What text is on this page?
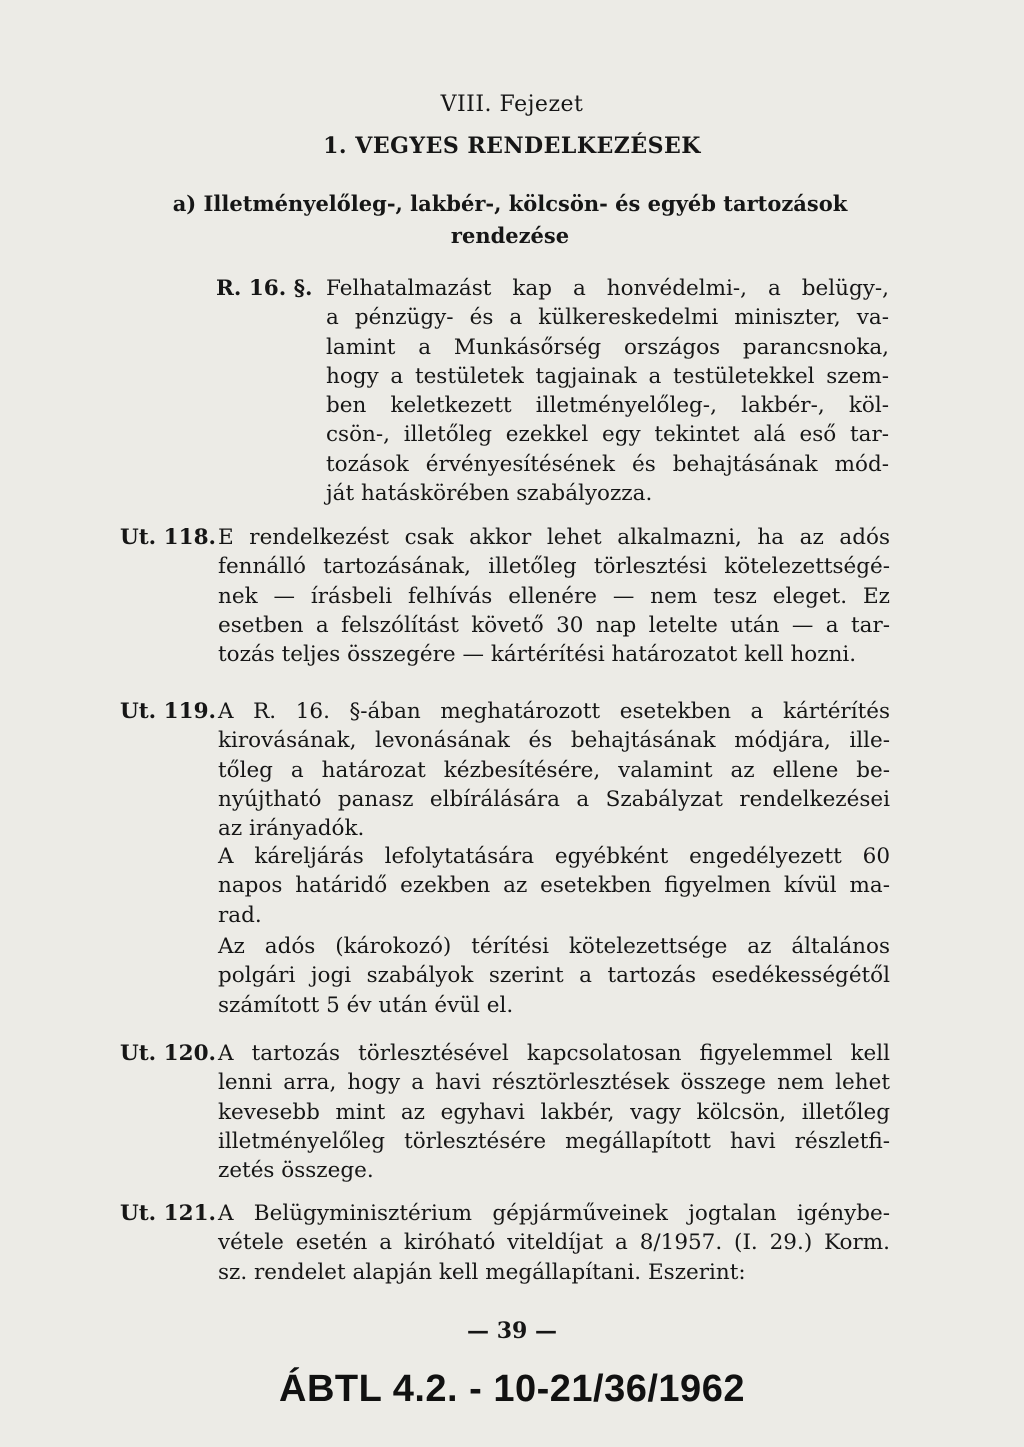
VIII. Fejezet
1. VEGYES RENDELKEZÉSEK
a) Illetményelőleg-, lakbér-, kölcsön- és egyéb tartozások rendezése
R. 16. §. Felhatalmazást kap a honvédelmi-, a belügy-,
a pénzügy- és a külkereskedelmi miniszter, va-
lamint a Munkásőrség országos parancsnoka,
hogy a testületek tagjainak a testületekkel szem-
ben keletkezett illetményelőleg-, lakbér-, köl-
csön-, illetőleg ezekkel egy tekintet alá eső tar-
tozások érvényesítésének és behajtásának mód-
ját hatáskörében szabályozza.
Ut. 118. E rendelkezést csak akkor lehet alkalmazni, ha az adós
fennálló tartozásának, illetőleg törlesztési kötelezettségé-
nek — írásbeli felhívás ellenére — nem tesz eleget. Ez
esetben a felszólítást követő 30 nap letelte után — a tar-
tozás teljes összegére — kártérítési határozatot kell hozni.
Ut. 119. A R. 16. §-ában meghatározott esetekben a kártérítés
kirovásának, levonásának és behajtásának módjára, ille-
tőleg a határozat kézbesítésére, valamint az ellene be-
nyújtható panasz elbírálására a Szabályzat rendelkezései
az irányadók.
A káreljárás lefolytatására egyébként engedélyezett 60
napos határidő ezekben az esetekben figyelmen kívül ma-
rad.
Az adós (károkozó) térítési kötelezettsége az általános
polgári jogi szabályok szerint a tartozás esedékességétől
számított 5 év után évül el.
Ut. 120. A tartozás törlesztésével kapcsolatosan figyelemmel kell
lenni arra, hogy a havi résztörlesztések összege nem lehet
kevesebb mint az egyhavi lakbér, vagy kölcsön, illetőleg
illetményelőleg törlesztésére megállapított havi részletfi-
zetés összege.
Ut. 121. A Belügyminisztérium gépjárműveinek jogtalan igénybe-
vétele esetén a kiróható viteldíjat a 8/1957. (I. 29.) Korm.
sz. rendelet alapján kell megállapítani. Eszerint:
— 39 —
ÁBTL 4.2. - 10-21/36/1962
